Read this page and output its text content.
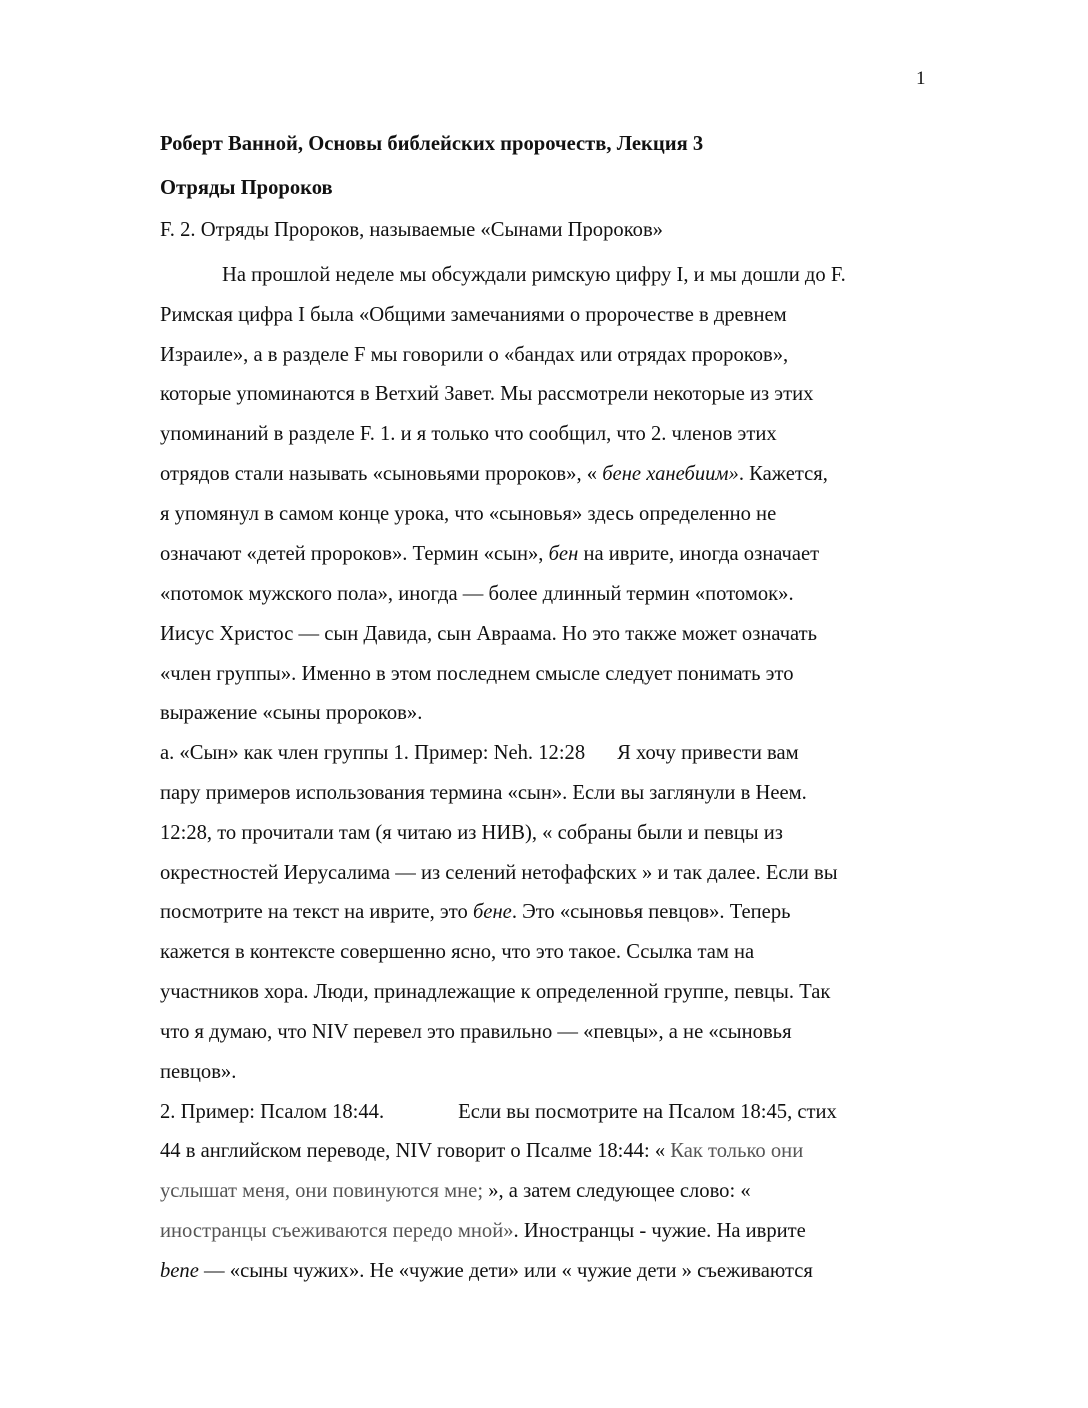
1
Роберт Ванной, Основы библейских пророчеств, Лекция 3
Отряды Пророков
F. 2. Отряды Пророков, называемые «Сынами Пророков»
На прошлой неделе мы обсуждали римскую цифру I, и мы дошли до F.
Римская цифра I была «Общими замечаниями о пророчестве в древнем
Израиле», а в разделе F мы говорили о «бандах или отрядах пророков»,
которые упоминаются в Ветхий Завет. Мы рассмотрели некоторые из этих
упоминаний в разделе F. 1. и я только что сообщил, что 2. членов этих
отрядов стали называть «сыновьями пророков», « бене ханебиим». Кажется,
я упомянул в самом конце урока, что «сыновья» здесь определенно не
означают «детей пророков». Термин «сын», бен на иврите, иногда означает
«потомок мужского пола», иногда — более длинный термин «потомок».
Иисус Христос — сын Давида, сын Авраама. Но это также может означать
«член группы». Именно в этом последнем смысле следует понимать это
выражение «сыны пророков».
a. «Сын» как член группы 1. Пример: Neh. 12:28 Я хочу привести вам
пару примеров использования термина «сын». Если вы заглянули в Неем.
12:28, то прочитали там (я читаю из НИВ), « собраны были и певцы из
окрестностей Иерусалима — из селений нетофафских » и так далее. Если вы
посмотрите на текст на иврите, это бене. Это «сыновья певцов». Теперь
кажется в контексте совершенно ясно, что это такое. Ссылка там на
участников хора. Люди, принадлежащие к определенной группе, певцы. Так
что я думаю, что NIV перевел это правильно — «певцы», а не «сыновья
певцов».
2. Пример: Псалом 18:44.	Если вы посмотрите на Псалом 18:45, стих
44 в английском переводе, NIV говорит о Псалме 18:44: « Как только они
услышат меня, они повинуются мне; », а затем следующее слово: «
иностранцы съеживаются передо мной». Иностранцы - чужие. На иврите
bene — «сыны чужих». Не «чужие дети» или « чужие дети » съеживаются
